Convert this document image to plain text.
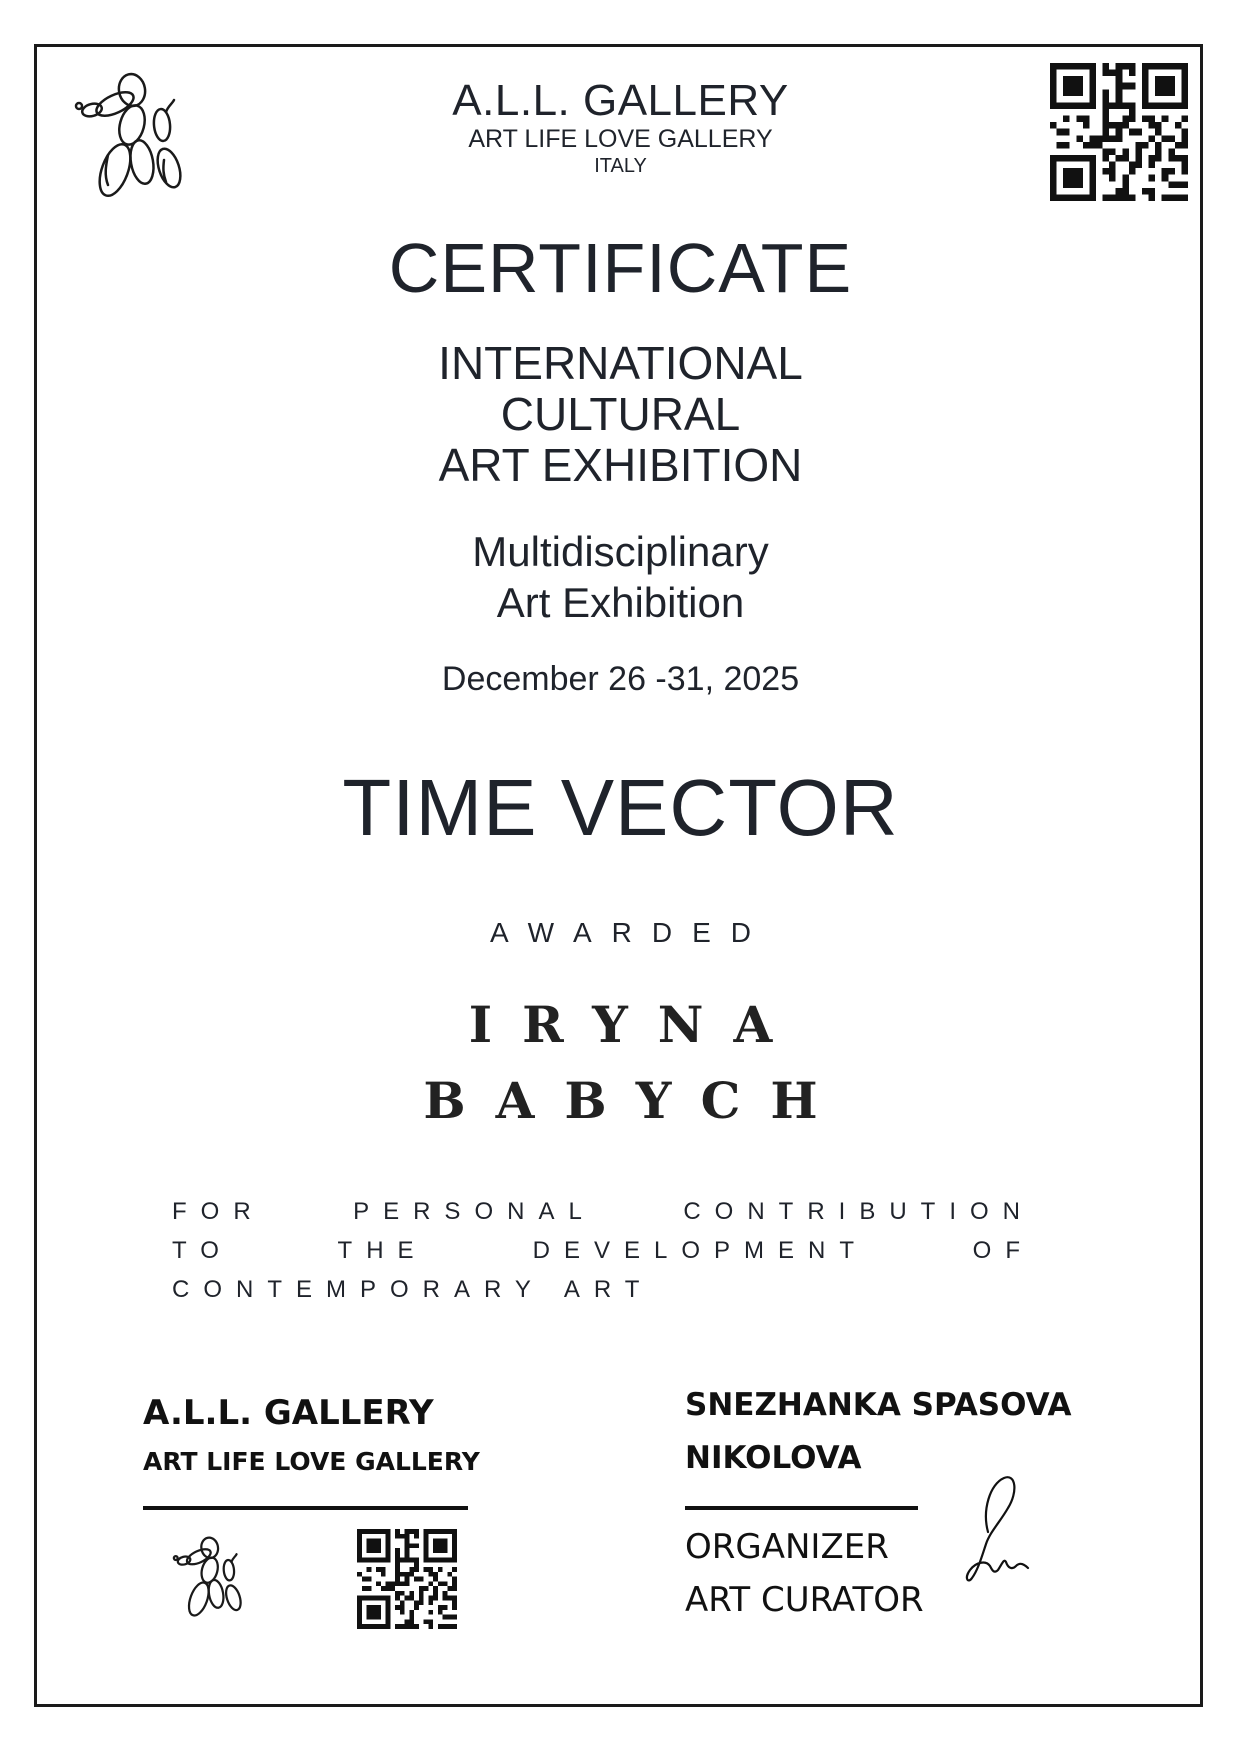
A.L.L. GALLERY
ART LIFE LOVE GALLERY
ITALY
CERTIFICATE
INTERNATIONAL
CULTURAL
ART EXHIBITION
Multidisciplinary
Art Exhibition
December 26 -31, 2025
TIME VECTOR
AWARDED
IRYNA
BABYCH
FOR PERSONAL CONTRIBUTION
TO THE DEVELOPMENT OF
CONTEMPORARY ART
A.L.L. GALLERY
ART LIFE LOVE GALLERY
SNEZHANKA SPASOVA
NIKOLOVA
ORGANIZER
ART CURATOR
